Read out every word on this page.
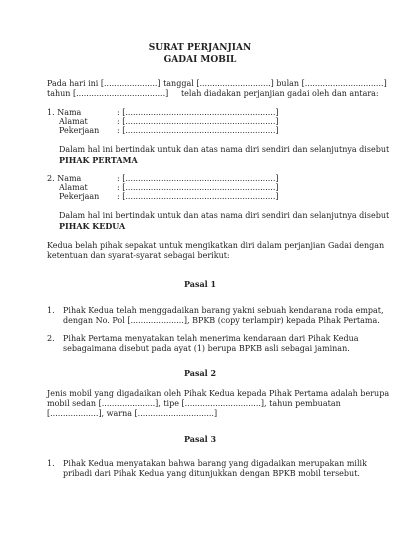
SURAT PERJANJIAN
GADAI MOBIL
Pada hari ini [.....................] tanggal [............................] bulan [...............................]
tahun [...................................]     telah diadakan perjanjian gadai oleh dan antara:
1. Nama	: [...........................................................]
Alamat	: [...........................................................]
Pekerjaan : [...........................................................]
Dalam hal ini bertindak untuk dan atas nama diri sendiri dan selanjutnya disebut
PIHAK PERTAMA
2. Nama	: [...........................................................]
Alamat	: [...........................................................]
Pekerjaan : [...........................................................]
Dalam hal ini bertindak untuk dan atas nama diri sendiri dan selanjutnya disebut
PIHAK KEDUA
Kedua belah pihak sepakat untuk mengikatkan diri dalam perjanjian Gadai dengan
ketentuan dan syarat-syarat sebagai berikut:
Pasal 1
1. Pihak Kedua telah menggadaikan barang yakni sebuah kendarana roda empat,
dengan No. Pol [.....................], BPKB (copy terlampir) kepada Pihak Pertama.
2. Pihak Pertama menyatakan telah menerima kendaraan dari Pihak Kedua
sebagaimana disebut pada ayat (1) berupa BPKB asli sebagai jaminan.
Pasal 2
Jenis mobil yang digadaikan oleh Pihak Kedua kepada Pihak Pertama adalah berupa
mobil sedan [.....................], tipe [..............................], tahun pembuatan
[...................], warna [..............................]
Pasal 3
1. Pihak Kedua menyatakan bahwa barang yang digadaikan merupakan milik
pribadi dari Pihak Kedua yang ditunjukkan dengan BPKB mobil tersebut.
